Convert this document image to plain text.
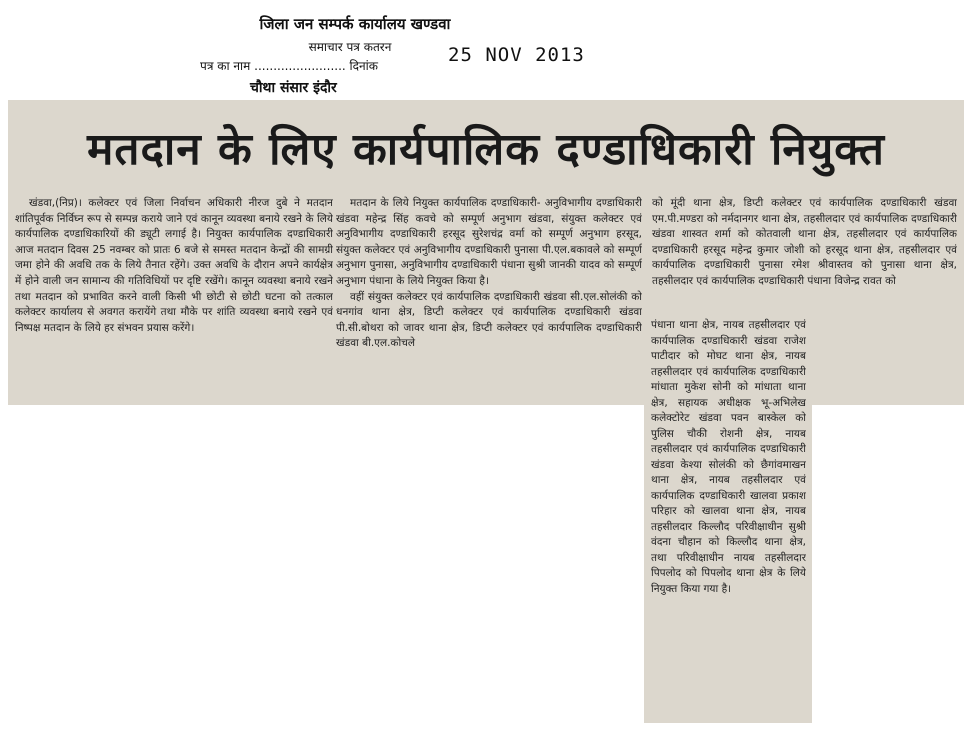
जिला जन सम्पर्क कार्यालय खण्डवा
समाचार पत्र कतरन
पत्र का नाम ........................ दिनांक	25 NOV 2013
चौथा संसार इंदौर
मतदान के लिए कार्यपालिक दण्डाधिकारी नियुक्त

खंडवा,(निप्र)। कलेक्टर एवं जिला निर्वाचन अधिकारी नीरज दुबे ने मतदान शांतिपूर्वक निर्विघ्न रूप से सम्पन्न कराये जाने एवं कानून व्यवस्था बनाये रखने के लिये कार्यपालिक दण्डाधिकारियों की ड्यूटी लगाई है। नियुक्त कार्यपालिक दण्डाधिकारी आज मतदान दिवस 25 नवम्बर को प्रातः 6 बजे से समस्त मतदान केन्द्रों की सामग्री जमा होने की अवधि तक के लिये तैनात रहेंगे। उक्त अवधि के दौरान अपने कार्यक्षेत्र में होने वाली जन सामान्य की गतिविधियों पर दृष्टि रखेंगे। कानून व्यवस्था बनाये रखने तथा मतदान को प्रभावित करने वाली किसी भी छोटी से छोटी घटना को तत्काल कलेक्टर कार्यालय से अवगत करायेंगे तथा मौके पर शांति व्यवस्था बनाये रखने एवं निष्पक्ष मतदान के लिये हर संभवन प्रयास करेंगे।

मतदान के लिये नियुक्त कार्यपालिक दण्डाधिकारी- अनुविभागीय दण्डाधिकारी खंडवा महेन्द्र सिंह कवचे को सम्पूर्ण अनुभाग खंडवा, संयुक्त कलेक्टर एवं अनुविभागीय दण्डाधिकारी हरसूद सुरेशचंद्र वर्मा को सम्पूर्ण अनुभाग हरसूद, संयुक्त कलेक्टर एवं अनुविभागीय दण्डाधिकारी पुनासा पी.एल.बकावले को सम्पूर्ण अनुभाग पुनासा, अनुविभागीय दण्डाधिकारी पंधाना सुश्री जानकी यादव को सम्पूर्ण अनुभाग पंधाना के लिये नियुक्त किया है।

वहीं संयुक्त कलेक्टर एवं कार्यपालिक दण्डाधिकारी खंडवा सी.एल.सोलंकी को धनगांव थाना क्षेत्र, डिप्टी कलेक्टर एवं कार्यपालिक दण्डाधिकारी खंडवा पी.सी.बोथरा को जावर थाना क्षेत्र, डिप्टी कलेक्टर एवं कार्यपालिक दण्डाधिकारी खंडवा बी.एल.कोचले

को मूंदी थाना क्षेत्र, डिप्टी कलेक्टर एवं कार्यपालिक दण्डाधिकारी खंडवा एम.पी.मण्डरा को नर्मदानगर थाना क्षेत्र, तहसीलदार एवं कार्यपालिक दण्डाधिकारी खंडवा शास्वत शर्मा को कोतवाली थाना क्षेत्र, तहसीलदार एवं कार्यपालिक दण्डाधिकारी हरसूद महेन्द्र कुमार जोशी को हरसूद थाना क्षेत्र, तहसीलदार एवं कार्यपालिक दण्डाधिकारी पुनासा रमेश श्रीवास्तव को पुनासा थाना क्षेत्र, तहसीलदार एवं कार्यपालिक दण्डाधिकारी पंधाना विजेन्द्र रावत को

पंधाना थाना क्षेत्र, नायब तहसीलदार एवं कार्यपालिक दण्डाधिकारी खंडवा राजेश पाटीदार को मोघट थाना क्षेत्र, नायब तहसीलदार एवं कार्यपालिक दण्डाधिकारी मांधाता मुकेश सोनी को मांधाता थाना क्षेत्र, सहायक अधीक्षक भू-अभिलेख कलेक्टोरेट खंडवा पवन बास्केल को पुलिस चौकी रोशनी क्षेत्र, नायब तहसीलदार एवं कार्यपालिक दण्डाधिकारी खंडवा केश्या सोलंकी को छैगांवमाखन थाना क्षेत्र, नायब तहसीलदार एवं कार्यपालिक दण्डाधिकारी खालवा प्रकाश परिहार को खालवा थाना क्षेत्र, नायब तहसीलदार किल्लौद परिवीक्षाधीन सुश्री वंदना चौहान को किल्लौद थाना क्षेत्र, तथा परिवीक्षाधीन नायब तहसीलदार पिपलोद को पिपलोद थाना क्षेत्र के लिये नियुक्त किया गया है।
